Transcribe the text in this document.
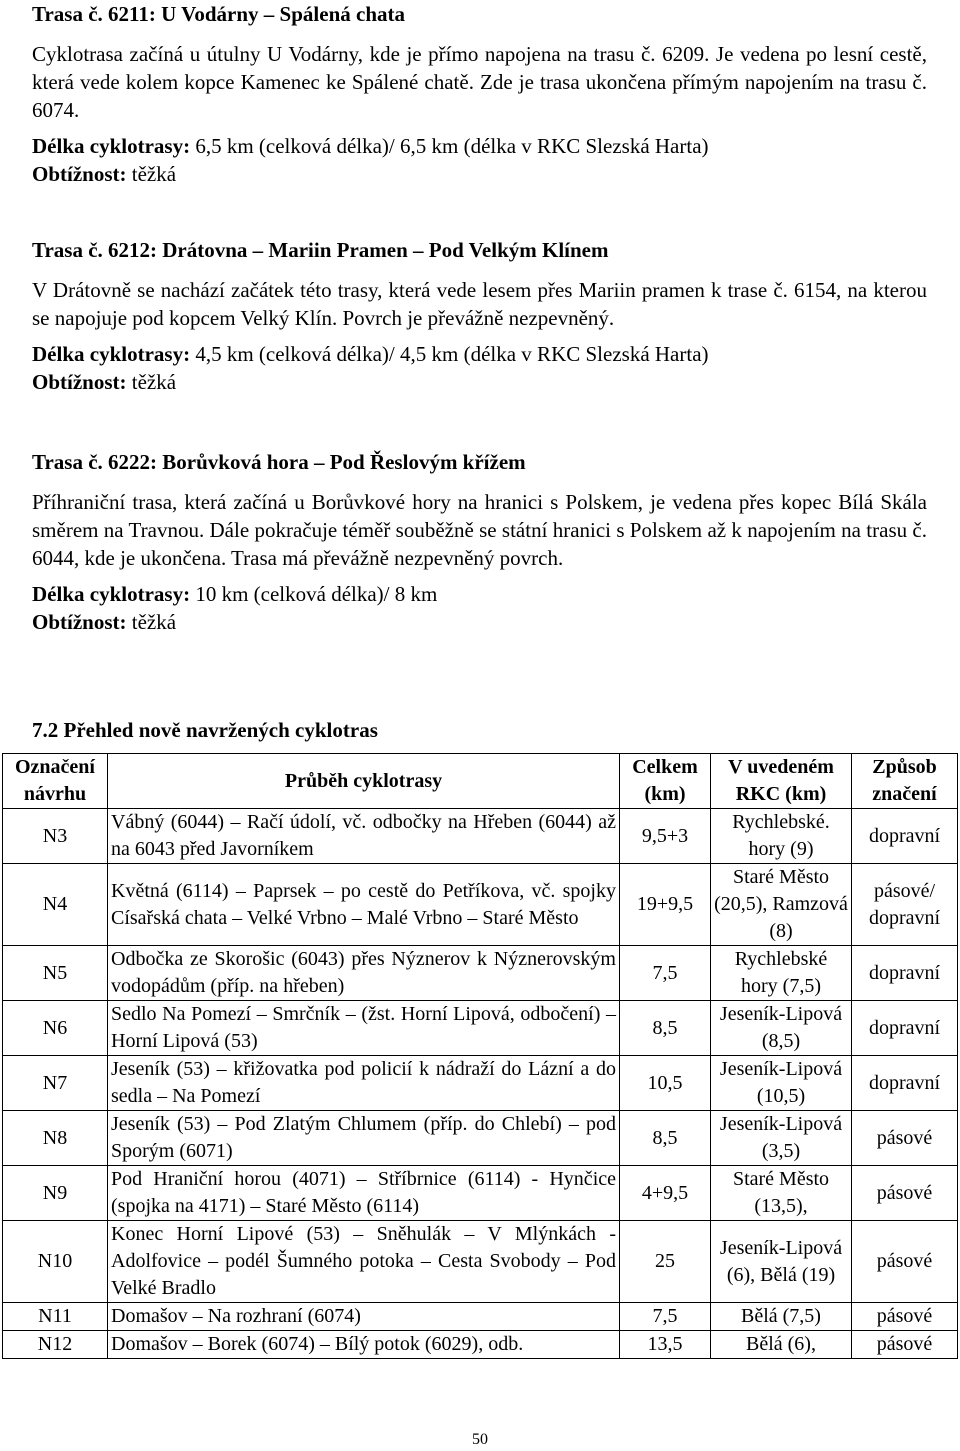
Trasa č. 6211: U Vodárny – Spálená chata

Cyklotrasa začíná u útulny U Vodárny, kde je přímo napojena na trasu č. 6209. Je vedena po lesní cestě, která vede kolem kopce Kamenec ke Spálené chatě. Zde je trasa ukončena přímým napojením na trasu č. 6074.

Délka cyklotrasy: 6,5 km (celková délka)/ 6,5 km (délka v RKC Slezská Harta)

Obtížnost: těžká

Trasa č. 6212: Drátovna – Mariin Pramen – Pod Velkým Klínem

V Drátovně se nachází začátek této trasy, která vede lesem přes Mariin pramen k trase č. 6154, na kterou se napojuje pod kopcem Velký Klín. Povrch je převážně nezpevněný.

Délka cyklotrasy: 4,5 km (celková délka)/ 4,5 km (délka v RKC Slezská Harta)

Obtížnost: těžká

Trasa č. 6222: Borůvková hora – Pod Řeslovým křížem

Příhraniční trasa, která začíná u Borůvkové hory na hranici s Polskem, je vedena přes kopec Bílá Skála směrem na Travnou. Dále pokračuje téměř souběžně se státní hranici s Polskem až k napojením na trasu č. 6044, kde je ukončena. Trasa má převážně nezpevněný povrch.

Délka cyklotrasy: 10 km (celková délka)/ 8 km

Obtížnost: těžká

7.2 Přehled nově navržených cyklotras

Označení návrhu	Průběh cyklotrasy	Celkem (km)	V uvedeném RKC (km)	Způsob značení
N3	Vábný (6044) – Račí údolí, vč. odbočky na Hřeben (6044) až na 6043 před Javorníkem	9,5+3	Rychlebské. hory (9)	dopravní
N4	Květná (6114) – Paprsek – po cestě do Petříkova, vč. spojky Císařská chata – Velké Vrbno – Malé Vrbno – Staré Město	19+9,5	Staré Město (20,5), Ramzová (8)	pásové/ dopravní
N5	Odbočka ze Skorošic (6043) přes Nýznerov k Nýznerovským vodopádům (příp. na hřeben)	7,5	Rychlebské hory (7,5)	dopravní
N6	Sedlo Na Pomezí – Smrčník – (žst. Horní Lipová, odbočení) – Horní Lipová (53)	8,5	Jeseník-Lipová (8,5)	dopravní
N7	Jeseník (53) – křižovatka pod policií k nádraží do Lázní a do sedla – Na Pomezí	10,5	Jeseník-Lipová (10,5)	dopravní
N8	Jeseník (53) – Pod Zlatým Chlumem (příp. do Chlebí) – pod Sporým (6071)	8,5	Jeseník-Lipová (3,5)	pásové
N9	Pod Hraniční horou (4071) – Stříbrnice (6114) - Hynčice (spojka na 4171) – Staré Město (6114)	4+9,5	Staré Město (13,5),	pásové
N10	Konec Horní Lipové (53) – Sněhulák – V Mlýnkách - Adolfovice – podél Šumného potoka – Cesta Svobody – Pod Velké Bradlo	25	Jeseník-Lipová (6), Bělá (19)	pásové
N11	Domašov – Na rozhraní (6074)	7,5	Bělá (7,5)	pásové
N12	Domašov – Borek (6074) – Bílý potok (6029), odb.	13,5	Bělá (6),	pásové
50
